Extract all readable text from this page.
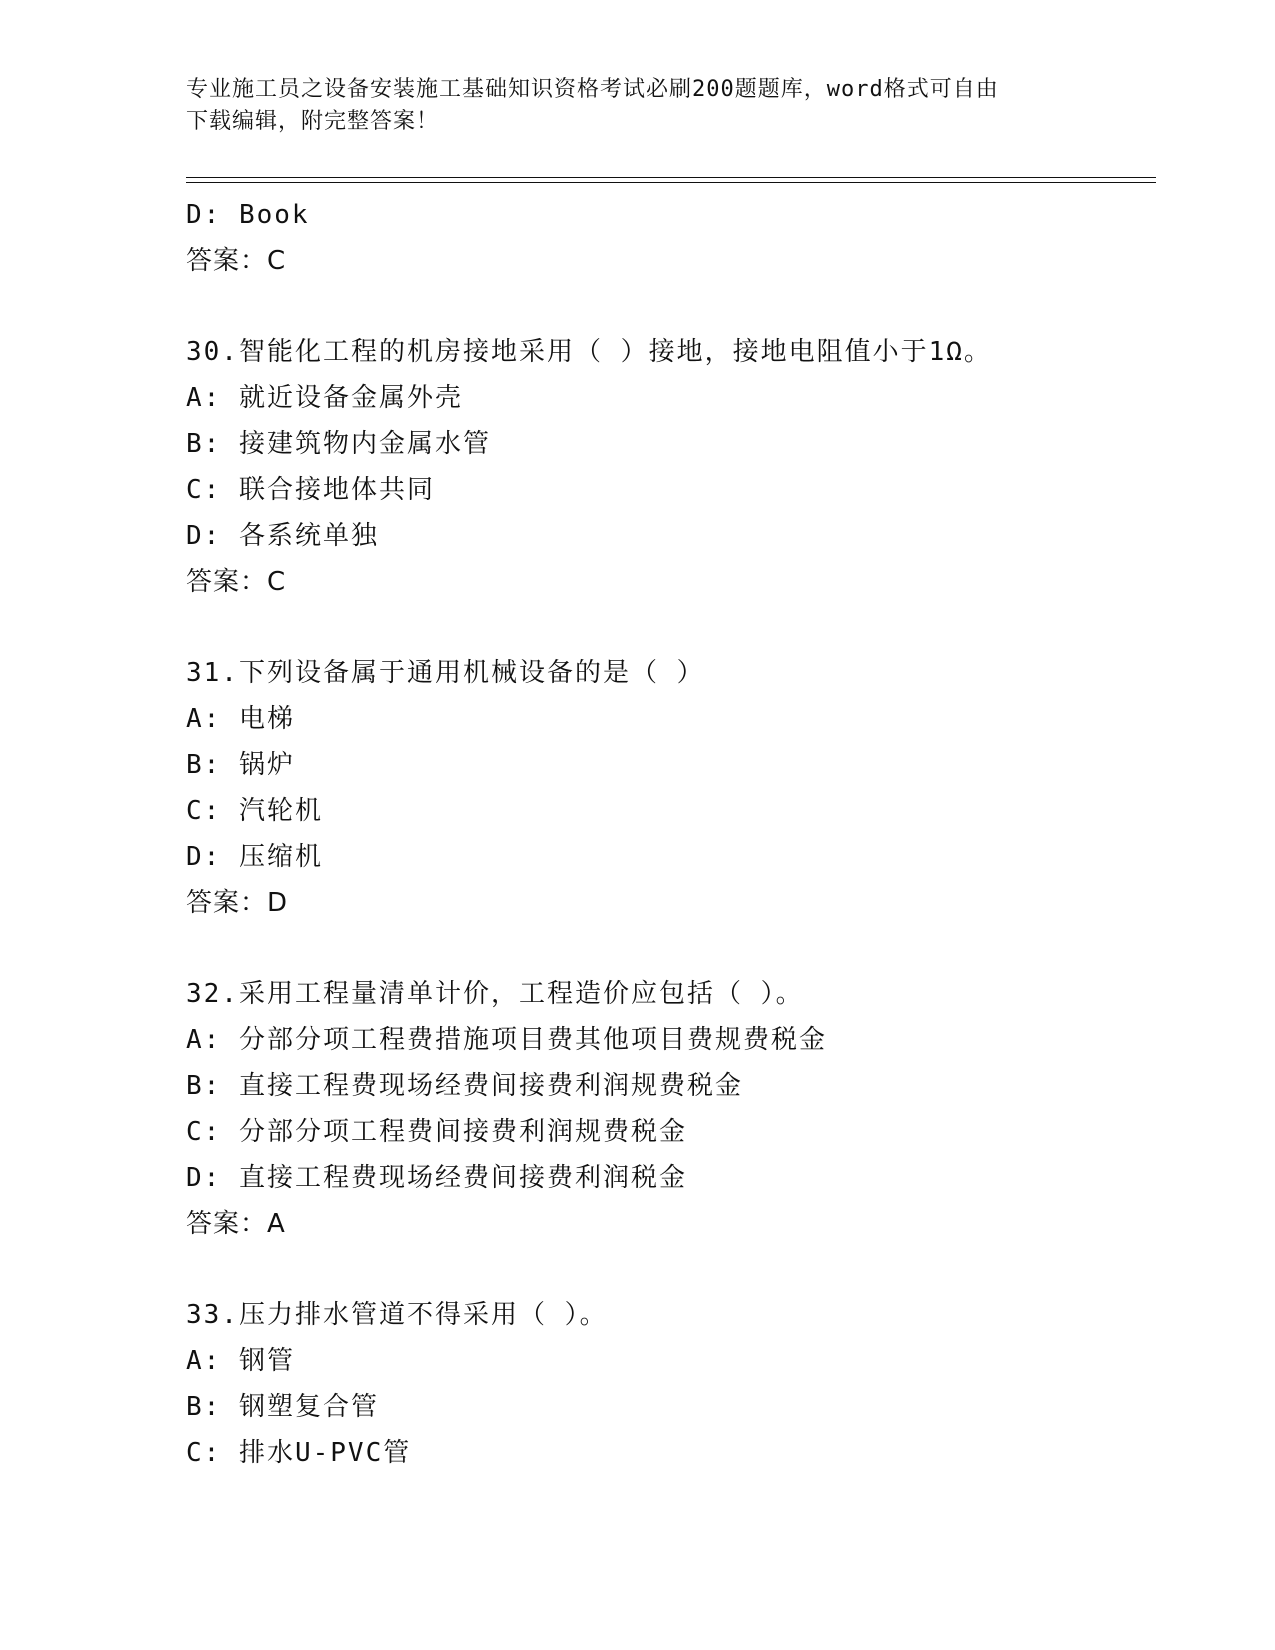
专业施工员之设备安装施工基础知识资格考试必刷200题题库，word格式可自由
下载编辑，附完整答案！
D: Book
答案：C
30.智能化工程的机房接地采用（ ）接地，接地电阻值小于1Ω。
A: 就近设备金属外壳
B: 接建筑物内金属水管
C: 联合接地体共同
D: 各系统单独
答案：C
31.下列设备属于通用机械设备的是（ ）
A: 电梯
B: 锅炉
C: 汽轮机
D: 压缩机
答案：D
32.采用工程量清单计价，工程造价应包括（ ）。
A: 分部分项工程费措施项目费其他项目费规费税金
B: 直接工程费现场经费间接费利润规费税金
C: 分部分项工程费间接费利润规费税金
D: 直接工程费现场经费间接费利润税金
答案：A
33.压力排水管道不得采用（ ）。
A: 钢管
B: 钢塑复合管
C: 排水U-PVC管
